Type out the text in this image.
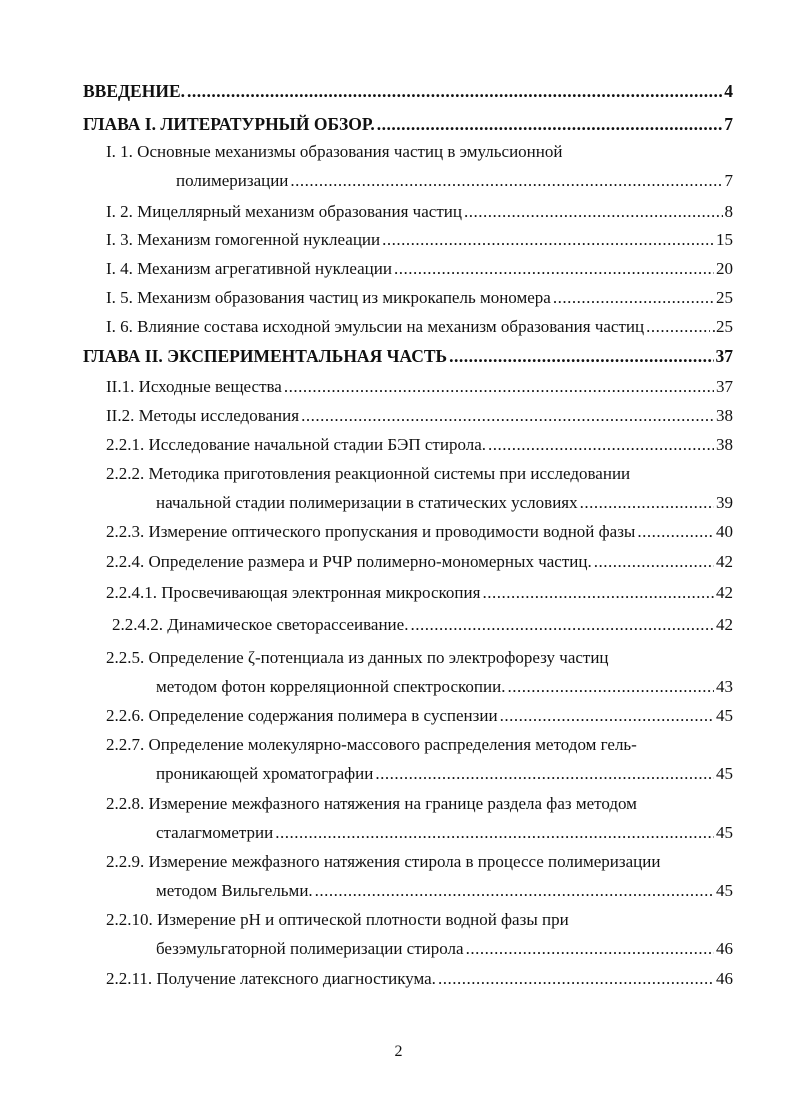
ВВЕДЕНИЕ. .....	4
ГЛАВА I. ЛИТЕРАТУРНЫЙ ОБЗОР. .....	7
I. 1. Основные механизмы образования частиц в эмульсионной
полимеризации .....	7
I. 2. Мицеллярный механизм образования частиц .....	8
I. 3. Механизм гомогенной нуклеации .....	15
I. 4. Механизм агрегативной нуклеации .....	20
I. 5. Механизм образования частиц из микрокапель мономера .....	25
I. 6. Влияние состава исходной эмульсии на механизм образования частиц .....	.25
ГЛАВА II. ЭКСПЕРИМЕНТАЛЬНАЯ ЧАСТЬ .....	37
II.1. Исходные вещества .....	37
II.2. Методы исследования .....	38
2.2.1. Исследование начальной стадии БЭП стирола. .....	38
2.2.2. Методика приготовления реакционной системы при исследовании
начальной стадии полимеризации в статических условиях .....	39
2.2.3. Измерение оптического пропускания и проводимости водной фазы .....	40
2.2.4. Определение размера и РЧР полимерно-мономерных частиц. .....	42
2.2.4.1. Просвечивающая электронная микроскопия .....	42
2.2.4.2. Динамическое светорассеивание. .....	42
2.2.5. Определение ζ-потенциала из данных по электрофорезу частиц
методом фотон корреляционной спектроскопии. .....	43
2.2.6. Определение содержания полимера в суспензии .....	45
2.2.7. Определение молекулярно-массового распределения методом гель-
проникающей хроматографии .....	45
2.2.8. Измерение межфазного натяжения на границе раздела фаз методом
сталагмометрии .....	45
2.2.9. Измерение межфазного натяжения стирола в процессе полимеризации
методом Вильгельми. .....	45
2.2.10. Измерение pH и оптической плотности водной фазы при
безэмульгаторной полимеризации стирола .....	46
2.2.11. Получение латексного диагностикума. .....	46
2
